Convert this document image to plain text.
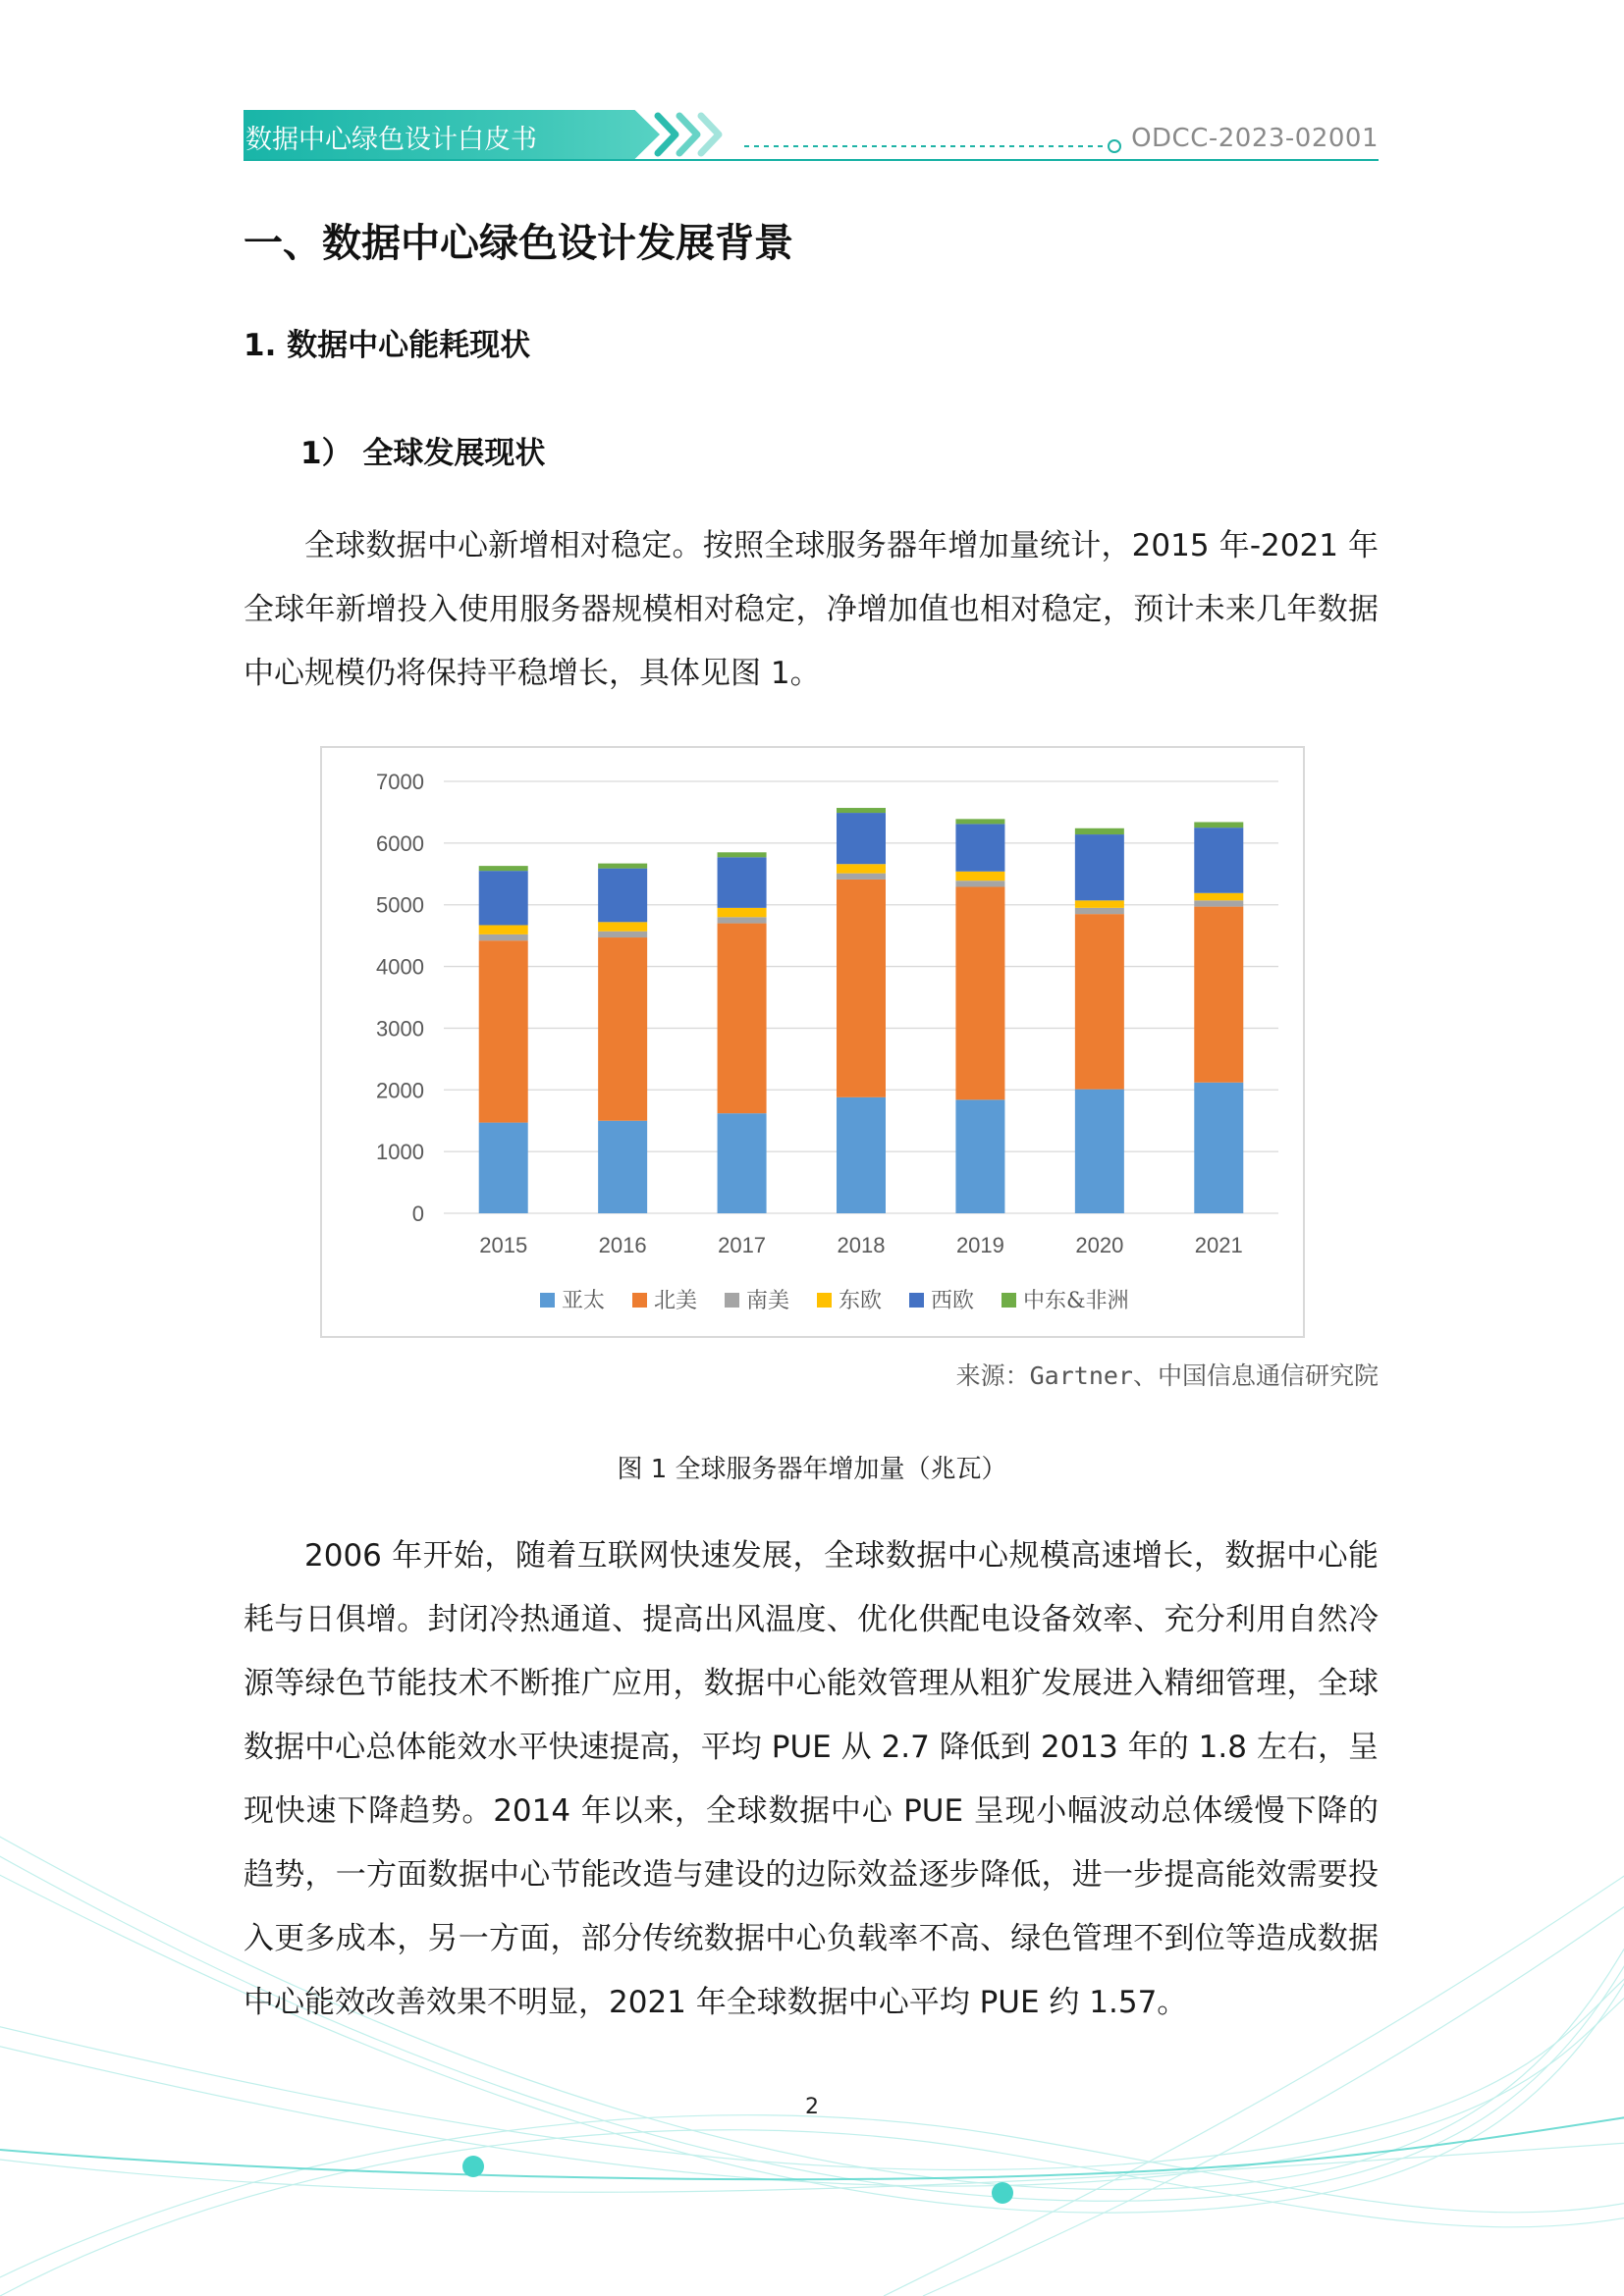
数据中心绿色设计白皮书	ODCC-2023-02001
一、数据中心绿色设计发展背景
1. 数据中心能耗现状
1） 全球发展现状
全球数据中心新增相对稳定。按照全球服务器年增加量统计，2015 年-2021 年全球年新增投入使用服务器规模相对稳定，净增加值也相对稳定，预计未来几年数据中心规模仍将保持平稳增长，具体见图 1。
0
1000
2000
3000
4000
5000
6000
7000
2015	2016	2017	2018	2019	2020	2021
亚太 北美 南美 东欧 西欧 中东&非洲
来源：Gartner、中国信息通信研究院
图 1 全球服务器年增加量（兆瓦）
2006 年开始，随着互联网快速发展，全球数据中心规模高速增长，数据中心能耗与日俱增。封闭冷热通道、提高出风温度、优化供配电设备效率、充分利用自然冷源等绿色节能技术不断推广应用，数据中心能效管理从粗犷发展进入精细管理，全球数据中心总体能效水平快速提高，平均 PUE 从 2.7 降低到 2013 年的 1.8 左右，呈现快速下降趋势。2014 年以来，全球数据中心 PUE 呈现小幅波动总体缓慢下降的趋势，一方面数据中心节能改造与建设的边际效益逐步降低，进一步提高能效需要投入更多成本，另一方面，部分传统数据中心负载率不高、绿色管理不到位等造成数据中心能效改善效果不明显，2021 年全球数据中心平均 PUE 约 1.57。
2
